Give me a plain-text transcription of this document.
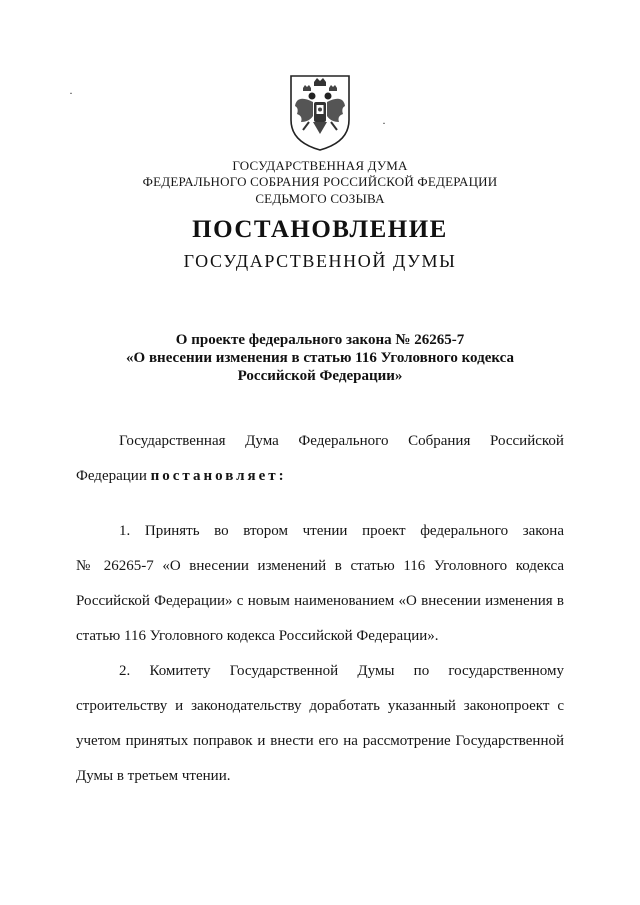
·
·
ГОСУДАРСТВЕННАЯ ДУМА
ФЕДЕРАЛЬНОГО СОБРАНИЯ РОССИЙСКОЙ ФЕДЕРАЦИИ
СЕДЬМОГО СОЗЫВА
ПОСТАНОВЛЕНИЕ
ГОСУДАРСТВЕННОЙ ДУМЫ
О проекте федерального закона № 26265-7
«О внесении изменения в статью 116 Уголовного кодекса
Российской Федерации»
Государственная Дума Федерального Собрания Российской
Федерации постановляет:
1. Принять во втором чтении проект федерального закона
№ 26265-7 «О внесении изменений в статью 116 Уголовного кодекса
Российской Федерации» с новым наименованием «О внесении изменения в
статью 116 Уголовного кодекса Российской Федерации».
2. Комитету Государственной Думы по государственному
строительству и законодательству доработать указанный законопроект с
учетом принятых поправок и внести его на рассмотрение Государственной
Думы в третьем чтении.
